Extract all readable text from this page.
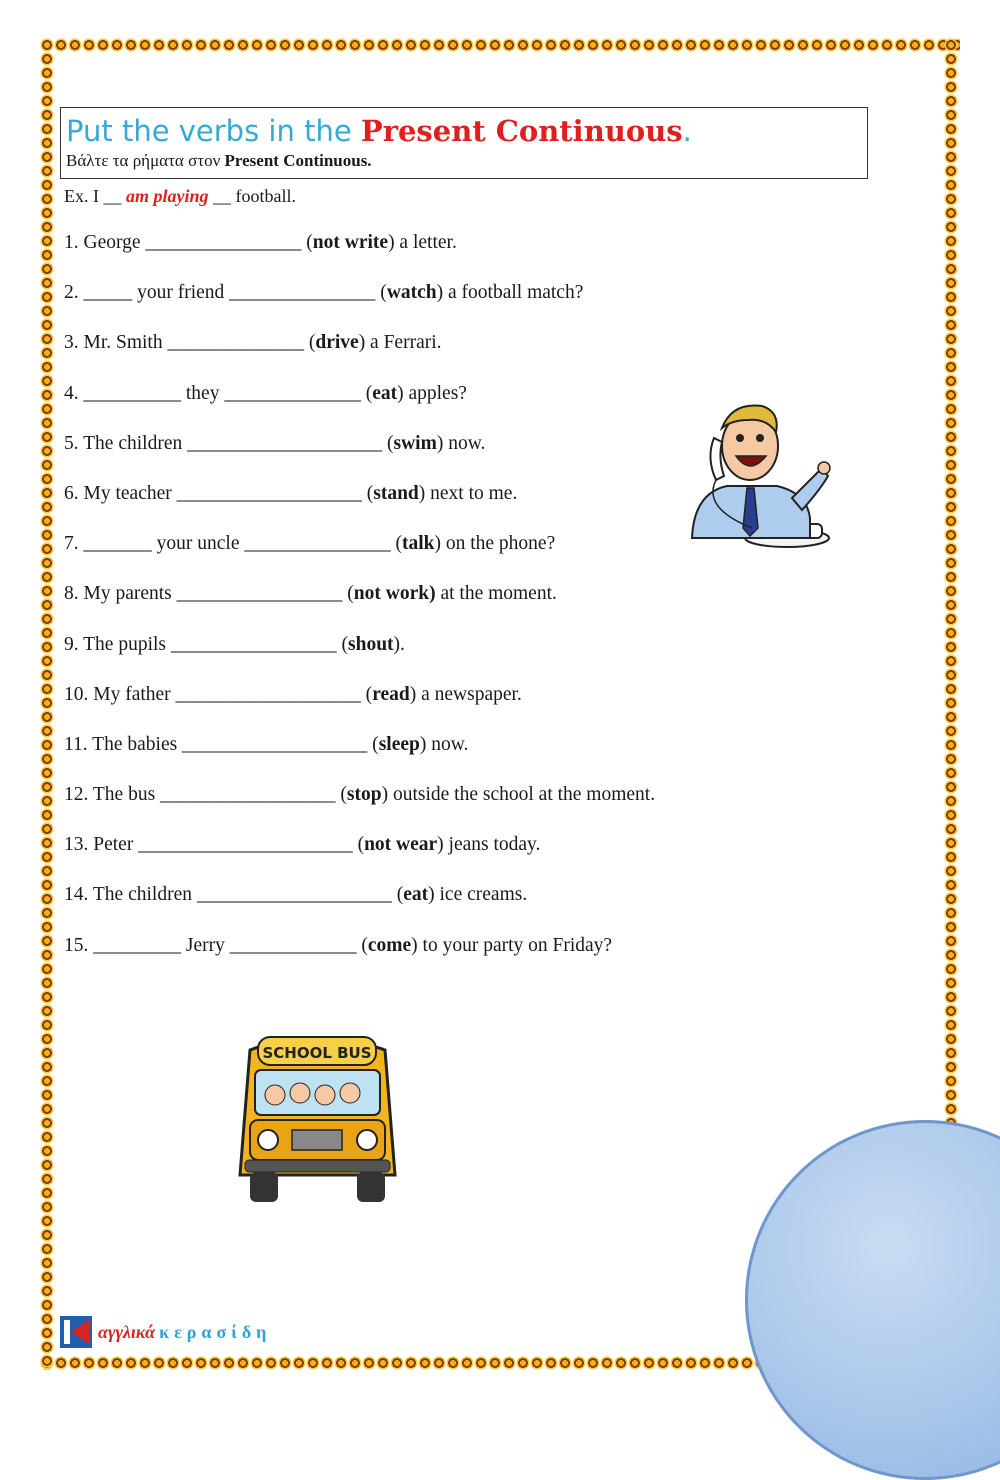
Put the verbs in the Present Continuous.
Βάλτε τα ρήματα στον Present Continuous.
Ex. I __ am playing __ football.
1. George ________________ (not write) a letter.
2. _____ your friend _______________ (watch) a football match?
3. Mr. Smith ______________ (drive) a Ferrari.
4. __________ they ______________ (eat) apples?
5. The children ____________________ (swim) now.
6. My teacher ___________________ (stand) next to me.
7. _______ your uncle _______________ (talk) on the phone?
8. My parents _________________ (not work) at the moment.
9. The pupils _________________ (shout).
10. My father ___________________ (read) a newspaper.
11. The babies ___________________ (sleep) now.
12. The bus __________________ (stop) outside the school at the moment.
13. Peter ______________________ (not wear) jeans today.
14. The children ____________________ (eat) ice creams.
15. _________ Jerry _____________ (come) to your party on Friday?
SCHOOL BUS
αγγλικά κερασίδη
